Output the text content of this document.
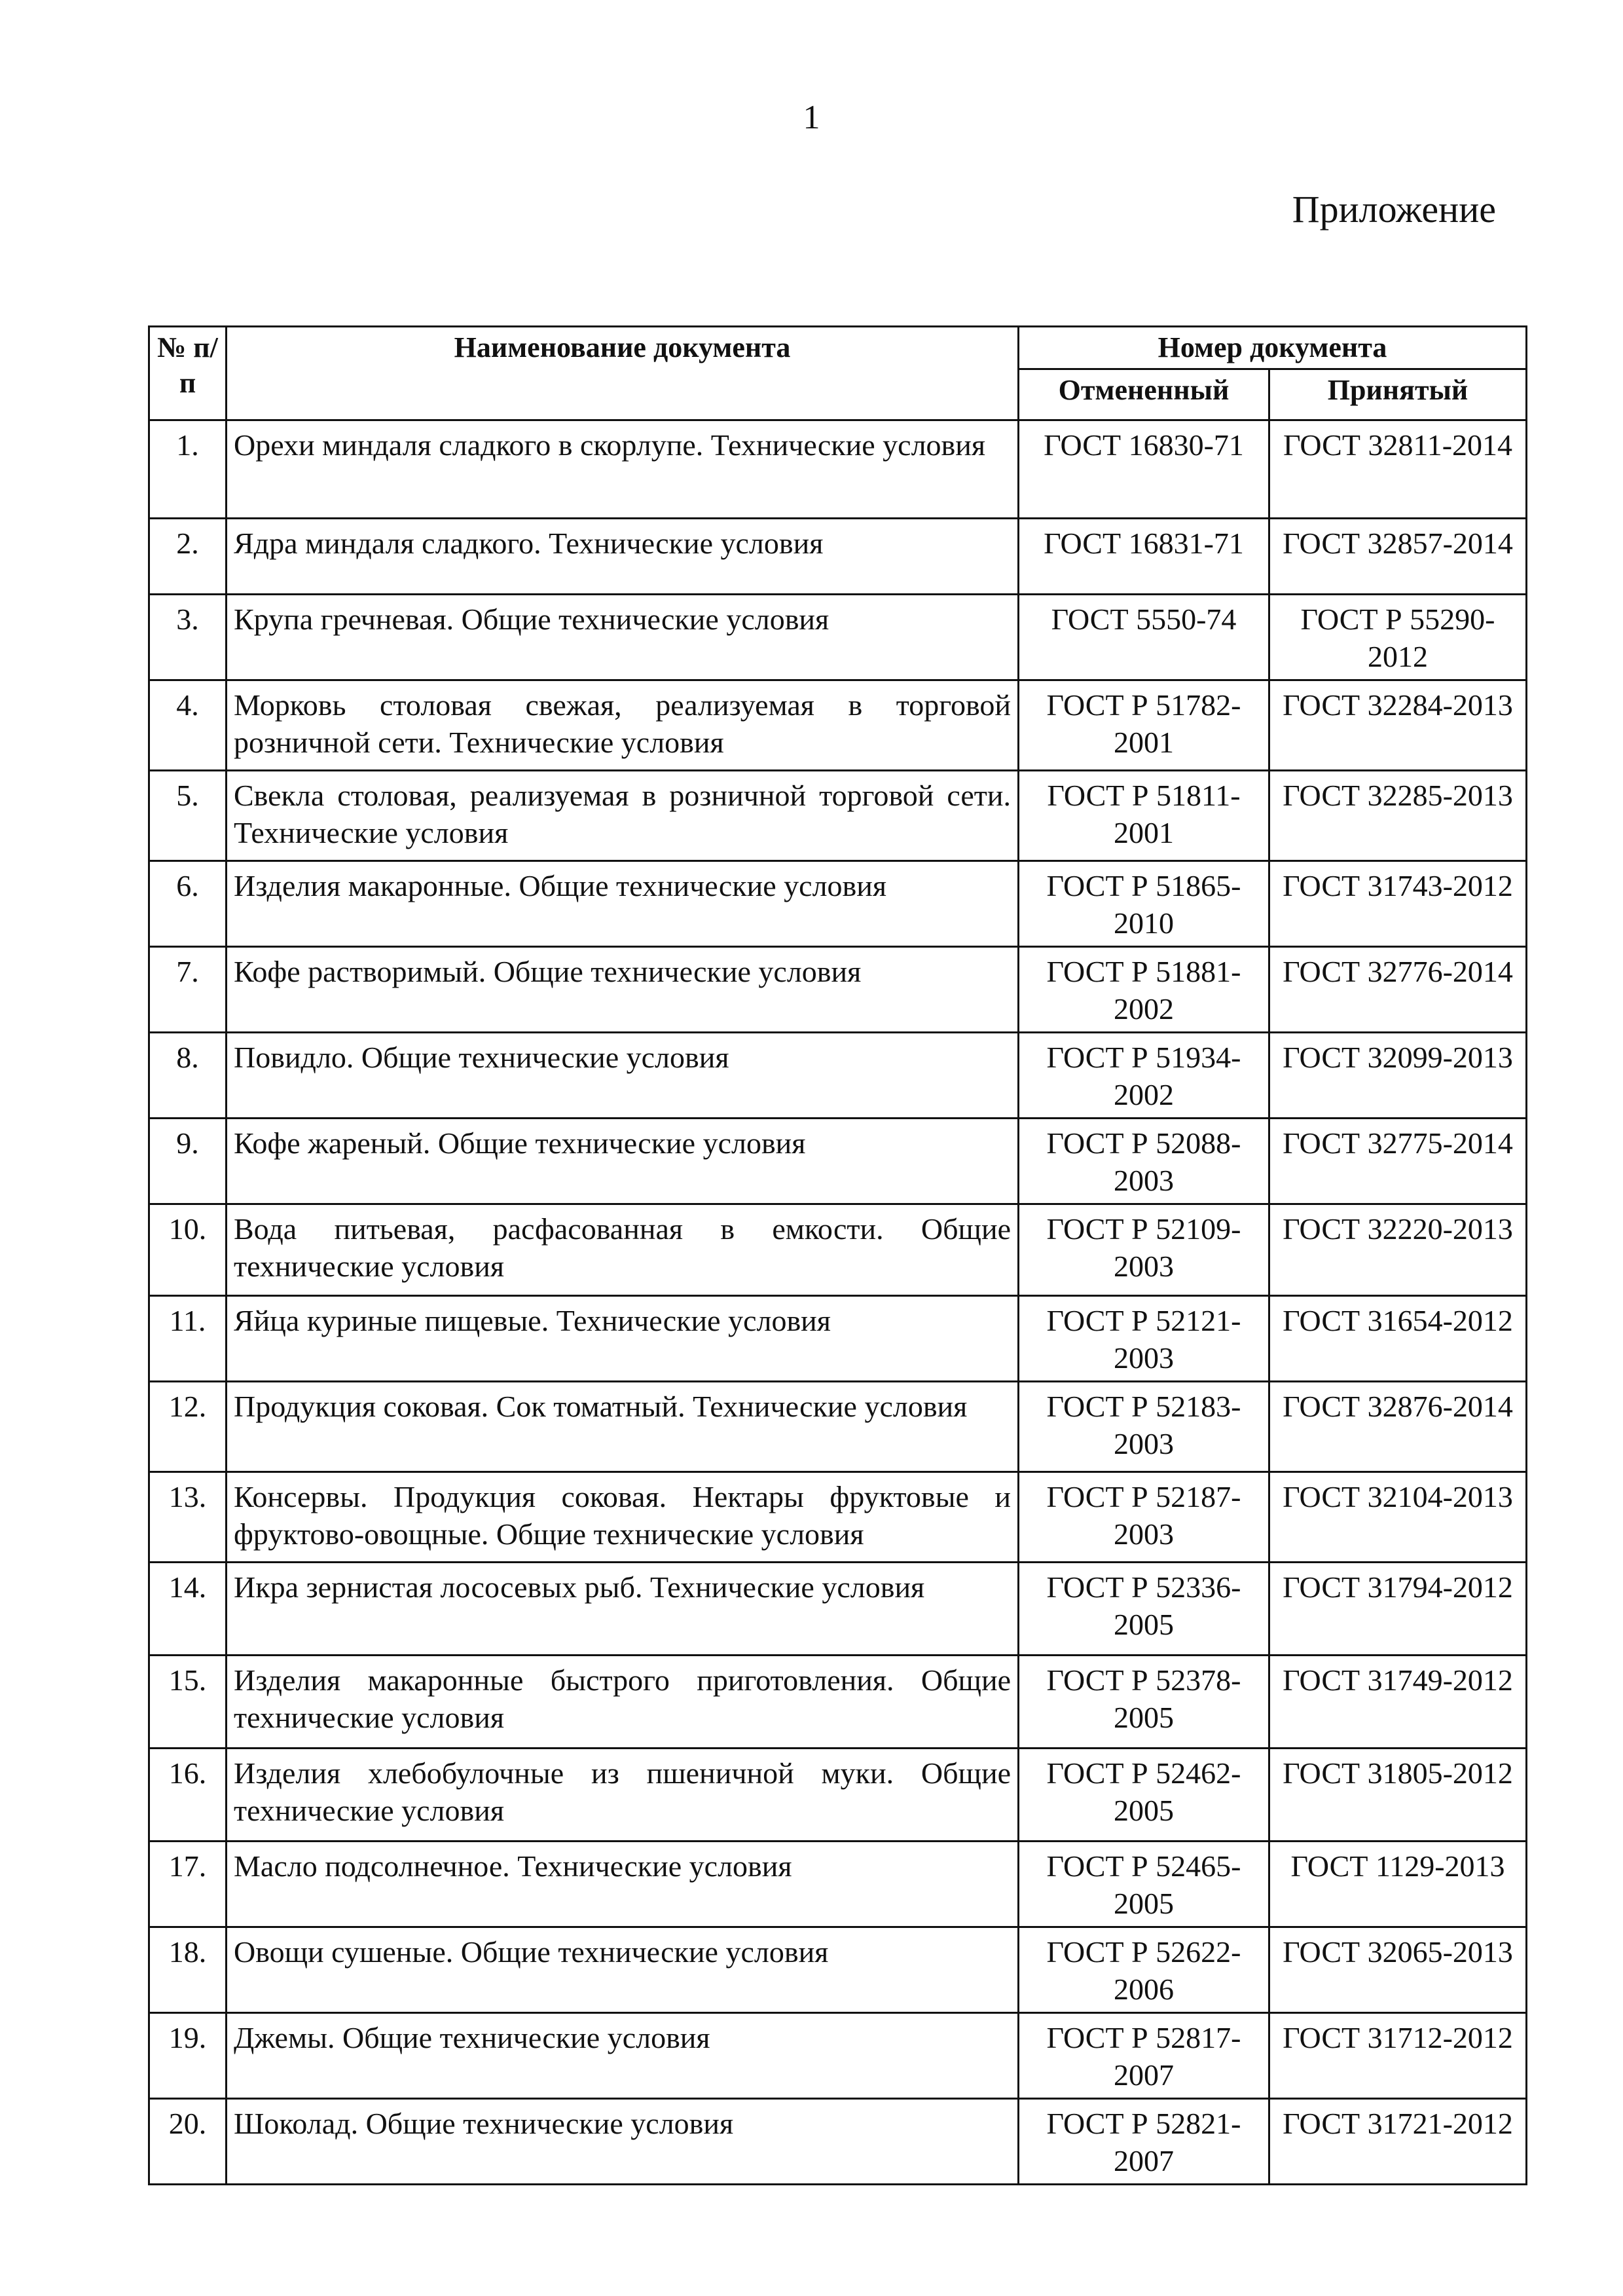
1
Приложение
№ п/п	Наименование документа	Номер документа	
		Отмененный	Принятый
1.	Орехи миндаля сладкого в скорлупе. Технические условия	ГОСТ 16830-71	ГОСТ 32811-2014
2.	Ядра миндаля сладкого. Технические условия	ГОСТ 16831-71	ГОСТ 32857-2014
3.	Крупа гречневая. Общие технические условия	ГОСТ 5550-74	ГОСТ Р 55290-2012
4.	Морковь столовая свежая, реализуемая в торговой розничной сети. Технические условия	ГОСТ Р 51782-2001	ГОСТ 32284-2013
5.	Свекла столовая, реализуемая в розничной торговой сети. Технические условия	ГОСТ Р 51811-2001	ГОСТ 32285-2013
6.	Изделия макаронные. Общие технические условия	ГОСТ Р 51865-2010	ГОСТ 31743-2012
7.	Кофе растворимый. Общие технические условия	ГОСТ Р 51881-2002	ГОСТ 32776-2014
8.	Повидло. Общие технические условия	ГОСТ Р 51934-2002	ГОСТ 32099-2013
9.	Кофе жареный. Общие технические условия	ГОСТ Р 52088-2003	ГОСТ 32775-2014
10.	Вода питьевая, расфасованная в емкости. Общие технические условия	ГОСТ Р 52109-2003	ГОСТ 32220-2013
11.	Яйца куриные пищевые. Технические условия	ГОСТ Р 52121-2003	ГОСТ 31654-2012
12.	Продукция соковая. Сок томатный. Технические условия	ГОСТ Р 52183-2003	ГОСТ 32876-2014
13.	Консервы. Продукция соковая. Нектары фруктовые и фруктово-овощные. Общие технические условия	ГОСТ Р 52187-2003	ГОСТ 32104-2013
14.	Икра зернистая лососевых рыб. Технические условия	ГОСТ Р 52336-2005	ГОСТ 31794-2012
15.	Изделия макаронные быстрого приготовления. Общие технические условия	ГОСТ Р 52378-2005	ГОСТ 31749-2012
16.	Изделия хлебобулочные из пшеничной муки. Общие технические условия	ГОСТ Р 52462-2005	ГОСТ 31805-2012
17.	Масло подсолнечное. Технические условия	ГОСТ Р 52465-2005	ГОСТ 1129-2013
18.	Овощи сушеные. Общие технические условия	ГОСТ Р 52622-2006	ГОСТ 32065-2013
19.	Джемы. Общие технические условия	ГОСТ Р 52817-2007	ГОСТ 31712-2012
20.	Шоколад. Общие технические условия	ГОСТ Р 52821-2007	ГОСТ 31721-2012
